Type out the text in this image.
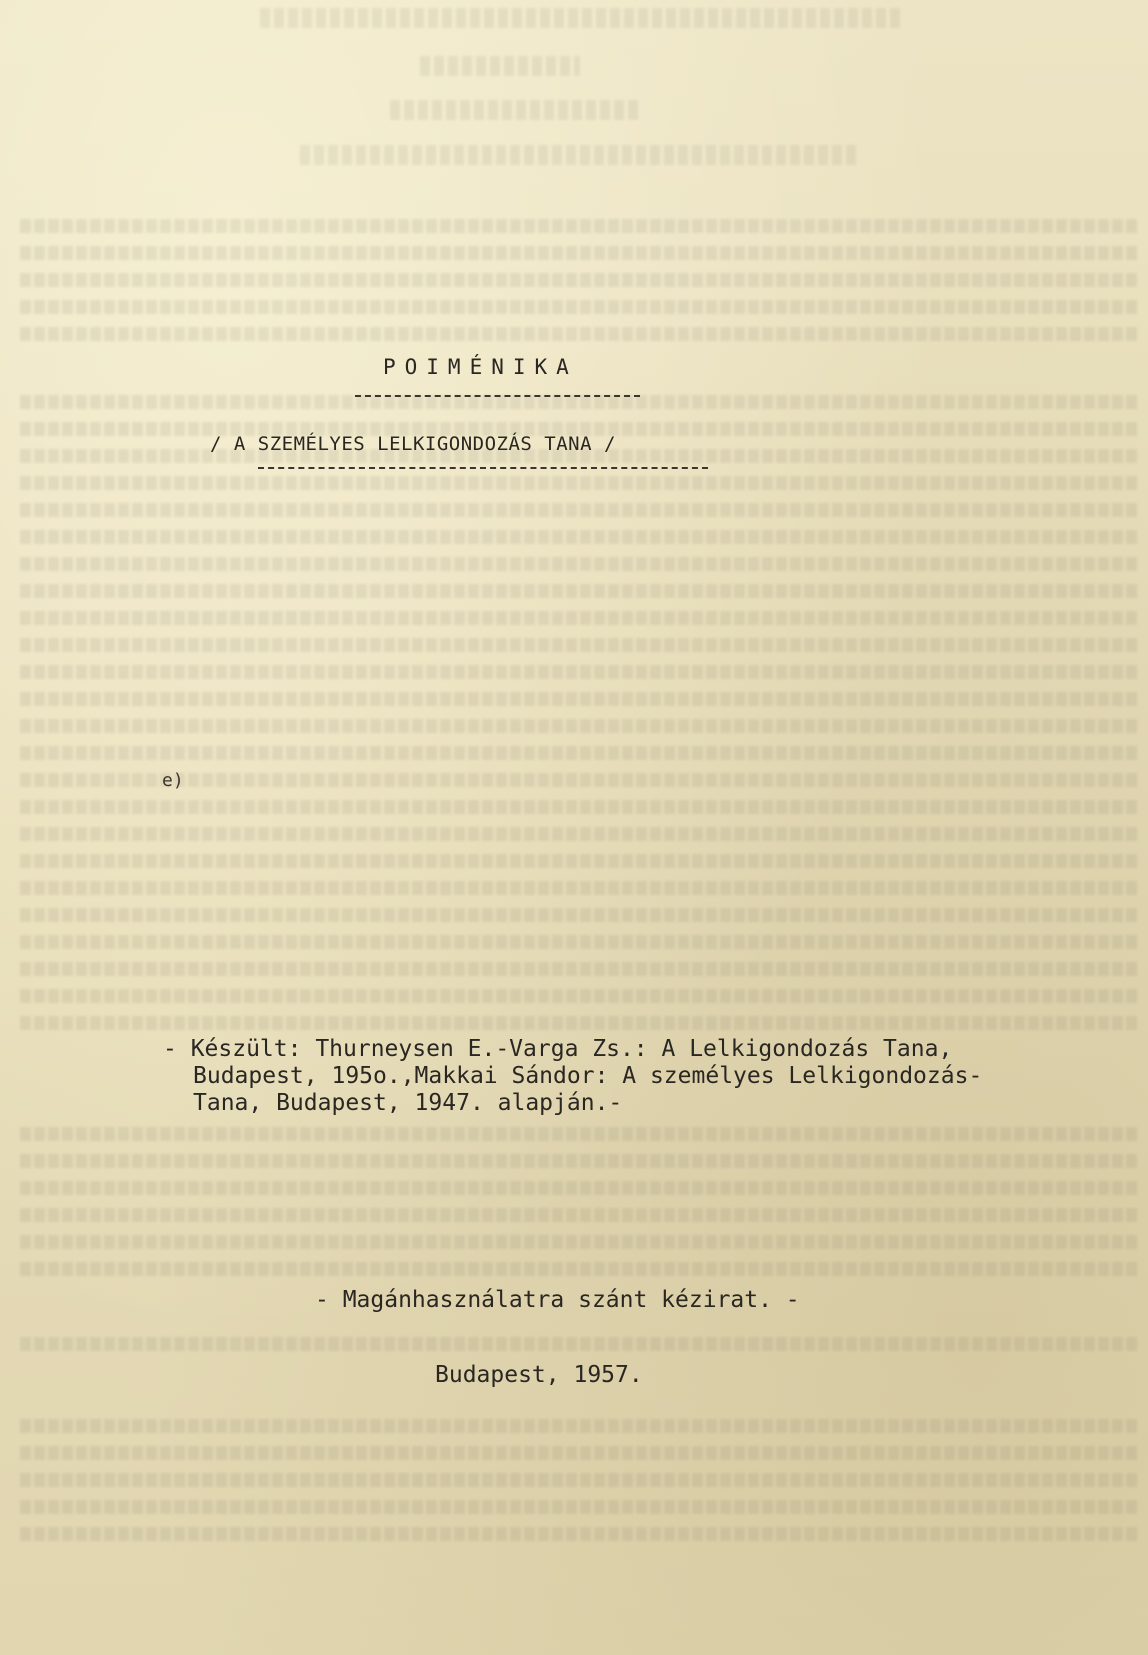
POIMÉNIKA
/ A SZEMÉLYES LELKIGONDOZÁS TANA /
e)
- Készült: Thurneysen E.-Varga Zs.: A Lelkigondozás Tana,
Budapest, 195o.,Makkai Sándor: A személyes Lelkigondozás-
Tana, Budapest, 1947. alapján.-
- Magánhasználatra szánt kézirat. -
Budapest, 1957.
